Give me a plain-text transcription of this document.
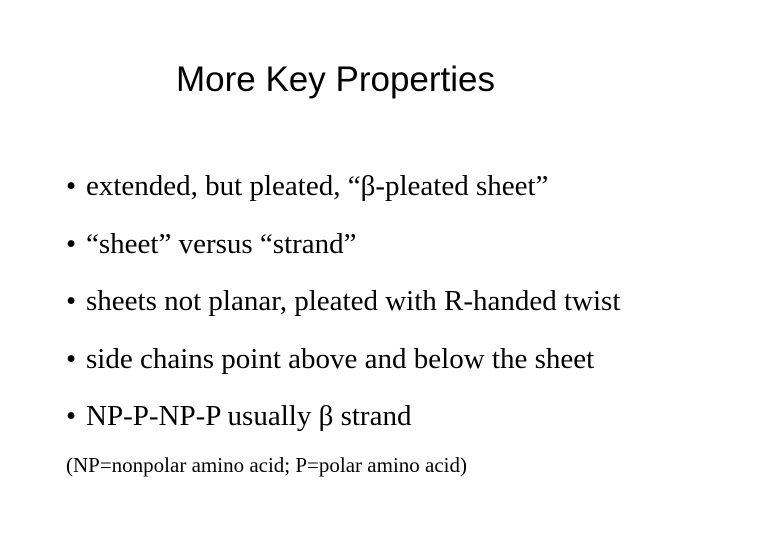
More Key Properties
• extended, but pleated, “β-pleated sheet”
• “sheet” versus “strand”
• sheets not planar, pleated with R-handed twist
• side chains point above and below the sheet
• NP-P-NP-P usually β strand
(NP=nonpolar amino acid; P=polar amino acid)
